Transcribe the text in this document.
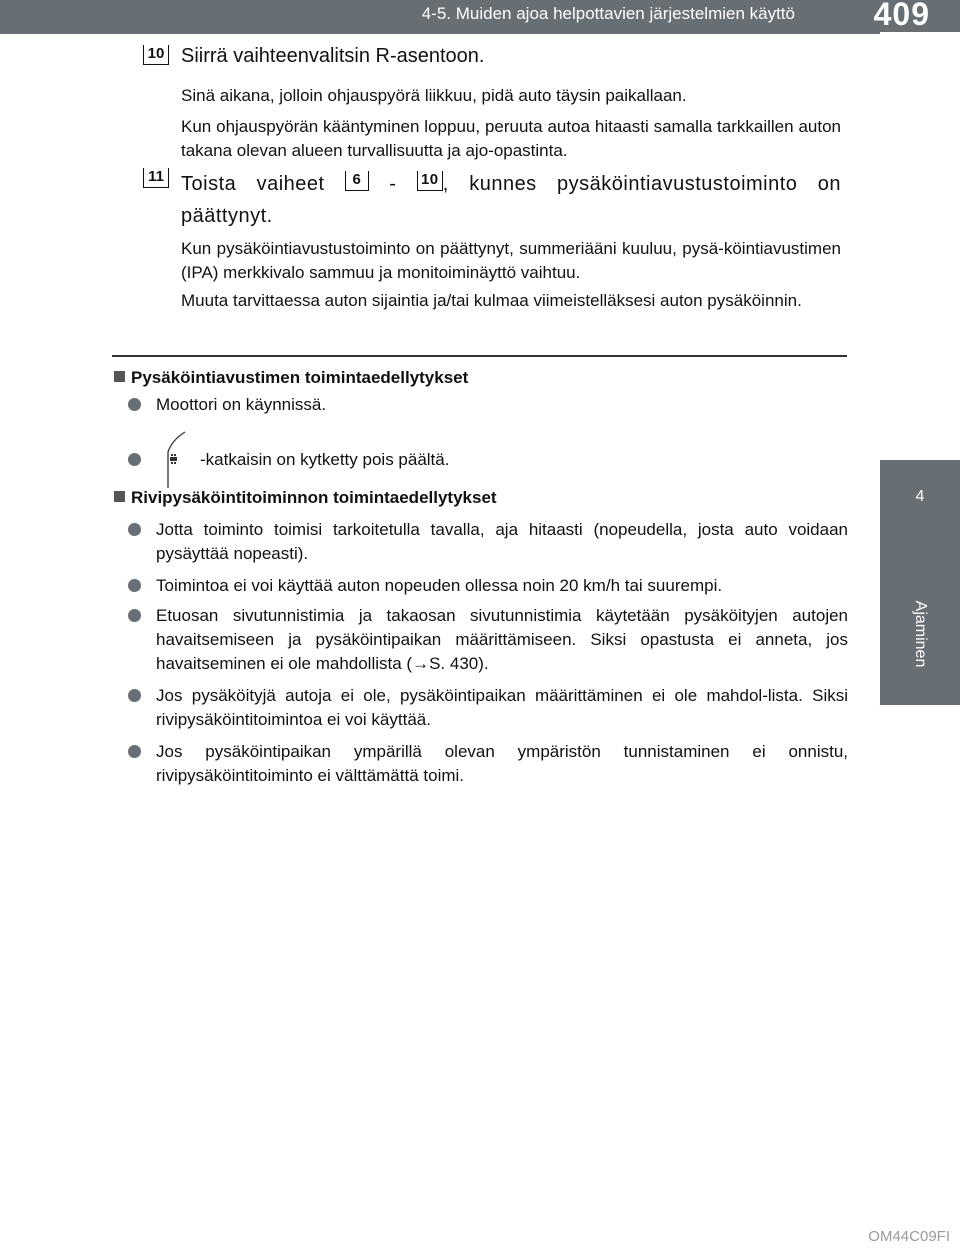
4-5. Muiden ajoa helpottavien järjestelmien käyttö	409
4
Ajaminen
10 Siirrä vaihteenvalitsin R-asentoon.
Sinä aikana, jolloin ohjauspyörä liikkuu, pidä auto täysin paikallaan.
Kun ohjauspyörän kääntyminen loppuu, peruuta autoa hitaasti samalla tarkkaillen auton takana olevan alueen turvallisuutta ja ajo-opastinta.
11 Toista vaiheet 6 - 10 , kunnes pysäköintiavustustoiminto on päättynyt.
Kun pysäköintiavustustoiminto on päättynyt, summeriääni kuuluu, pysä-köintiavustimen (IPA) merkkivalo sammuu ja monitoiminäyttö vaihtuu.
Muuta tarvittaessa auton sijaintia ja/tai kulmaa viimeistelläksesi auton pysäköinnin.
Pysäköintiavustimen toimintaedellytykset
Moottori on käynnissä.
-katkaisin on kytketty pois päältä.
Rivipysäköintitoiminnon toimintaedellytykset
Jotta toiminto toimisi tarkoitetulla tavalla, aja hitaasti (nopeudella, josta auto voidaan pysäyttää nopeasti).
Toimintoa ei voi käyttää auton nopeuden ollessa noin 20 km/h tai suurempi.
Etuosan sivutunnistimia ja takaosan sivutunnistimia käytetään pysäköityjen autojen havaitsemiseen ja pysäköintipaikan määrittämiseen. Siksi opastusta ei anneta, jos havaitseminen ei ole mahdollista (→S. 430).
Jos pysäköityjä autoja ei ole, pysäköintipaikan määrittäminen ei ole mahdol-lista. Siksi rivipysäköintitoimintoa ei voi käyttää.
Jos pysäköintipaikan ympärillä olevan ympäristön tunnistaminen ei onnistu, rivipysäköintitoiminto ei välttämättä toimi.
OM44C09FI
